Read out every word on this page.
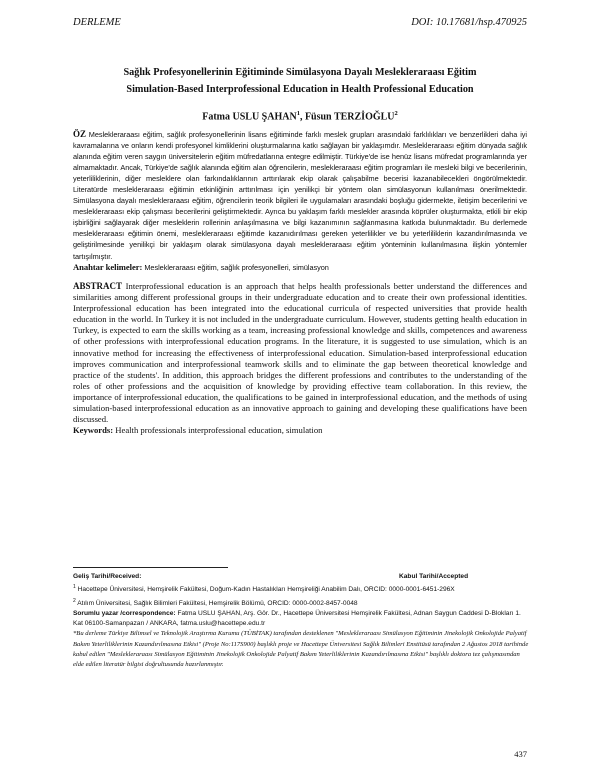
DERLEME	DOI: 10.17681/hsp.470925
Sağlık Profesyonellerinin Eğitiminde Simülasyona Dayalı Meslekleraraası Eğitim
Simulation-Based Interprofessional Education in Health Professional Education
Fatma USLU ŞAHAN$^1$, Füsun TERZİOĞLU$^2$
ÖZ Meslekleraraası eğitim, sağlık profesyonellerinin lisans eğitiminde farklı meslek grupları arasındaki farklılıkları ve benzerlikleri daha iyi kavramalarına ve onların kendi profesyonel kimliklerini oluşturmalarına katkı sağlayan bir yaklaşımdır. Meslekleraraası eğitim dünyada sağlık alanında eğitim veren saygın üniversitelerin eğitim müfredatlarına entegre edilmiştir. Türkiye'de ise henüz lisans müfredat programlarında yer almamaktadır. Ancak, Türkiye'de sağlık alanında eğitim alan öğrencilerin, meslekleraraası eğitim programları ile mesleki bilgi ve becerilerinin, yeterliliklerinin, diğer mesleklere olan farkındalıklarının arttırılarak ekip olarak çalışabilme becerisi kazanabilecekleri öngörülmektedir. Literatürde meslekleraraası eğitimin etkinliğinin arttırılması için yenilikçi bir yöntem olan simülasyonun kullanılması önerilmektedir. Simülasyona dayalı meslekleraraası eğitim, öğrencilerin teorik bilgileri ile uygulamaları arasındaki boşluğu gidermekte, iletişim becerilerini ve meslekleraraası ekip çalışması becerilerini geliştirmektedir. Ayrıca bu yaklaşım farklı meslekler arasında köprüler oluşturmakta, etkili bir ekip işbirliğini sağlayarak diğer mesleklerin rollerinin anlaşılmasına ve bilgi kazanımının sağlanmasına katkıda bulunmaktadır. Bu derlemede meslekleraraası eğitimin önemi, meslekleraraası eğitimde kazanıdırılması gereken yeterlilikler ve bu yeterliliklerin kazandırılmasında ve geliştirilmesinde yenilikçi bir yaklaşım olarak simülasyona dayalı meslekleraraası eğitim yönteminin kullanılmasına ilişkin yöntemler tartışılmıştır.
Anahtar kelimeler: Meslekleraraası eğitim, sağlık profesyonelleri, simülasyon
ABSTRACT Interprofessional education is an approach that helps health professionals better understand the differences and similarities among different professional groups in their undergraduate education and to create their own professional identities. Interprofessional education has been integrated into the educational curricula of respected universities that provide health education in the world. In Turkey it is not included in the undergraduate curriculum. However, students getting health education in Turkey, is expected to earn the skills working as a team, increasing professional knowledge and skills, competences and awareness of other professions with interprofessional education programs. In the literature, it is suggested to use simulation, which is an innovative method for increasing the effectiveness of interprofessional education. Simulation-based interprofessional education improves communication and interprofessional teamwork skills and to eliminate the gap between theoretical knowledge and practice of the students'. In addition, this approach bridges the different professions and contributes to the understanding of the roles of other professions and the acquisition of knowledge by providing effective team collaboration. In this review, the importance of interprofessional education, the qualifications to be gained in interprofessional education, and the methods of using simulation-based interprofessional education as an innovative approach to gaining and developing these qualifications have been discussed.
Keywords: Health professionals interprofessional education, simulation
Geliş Tarihi/Received:	Kabul Tarihi/Accepted
$^1$ Hacettepe Üniversitesi, Hemşirelik Fakültesi, Doğum-Kadın Hastalıkları Hemşireliği Anabilim Dalı, ORCID: 0000-0001-6451-296X
$^2$ Atılım Üniversitesi, Sağlık Bilimleri Fakültesi, Hemşirelik Bölümü, ORCID: 0000-0002-8457-0048
Sorumlu yazar /correspondence: Fatma USLU ŞAHAN, Arş. Gör. Dr., Hacettepe Üniversitesi Hemşirelik Fakültesi, Adnan Saygun Caddesi D-Blokları 1. Kat 06100-Samanpazarı / ANKARA, fatma.uslu@hacettepe.edu.tr
*Bu derleme Türkiye Bilimsel ve Teknolojik Araştırma Kurumu (TÜBİTAK) tarafından desteklenen "Meslekleraraası Simülasyon Eğitiminin Jinekolojik Onkolojide Palyatif Bakım Yeterliliklerinin Kazandırılmasına Etkisi" (Proje No:117S900) başlıklı proje ve Hacettepe Üniversitesi Sağlık Bilimleri Enstitüsü tarafından 2 Ağustos 2018 tarihinde kabul edilen "Meslekleraraası Simülasyon Eğitiminin Jinekolojik Onkolojide Palyatif Bakım Yeterliliklerinin Kazandırılmasına Etkisi" başlıklı doktora tez çalışmasından elde edilen literatür bilgisi doğrultusunda hazırlanmıştır.
437
